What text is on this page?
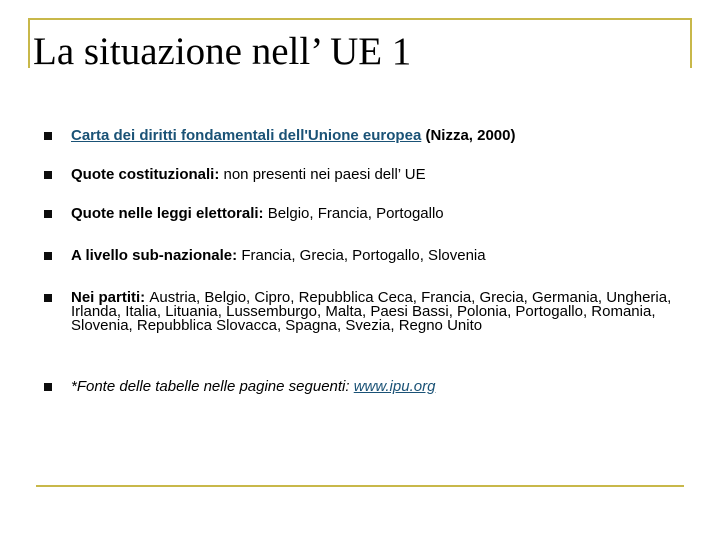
La situazione nell’ UE 1
Carta dei diritti fondamentali dell'Unione europea (Nizza, 2000)
Quote costituzionali: non presenti nei paesi dell’ UE
Quote nelle leggi elettorali: Belgio, Francia, Portogallo
A livello sub-nazionale: Francia, Grecia, Portogallo, Slovenia
Nei partiti: Austria, Belgio, Cipro, Repubblica Ceca, Francia, Grecia, Germania, Ungheria, Irlanda, Italia, Lituania, Lussemburgo, Malta, Paesi Bassi, Polonia, Portogallo, Romania, Slovenia, Repubblica Slovacca, Spagna, Svezia, Regno Unito
*Fonte delle tabelle nelle pagine seguenti: www.ipu.org
